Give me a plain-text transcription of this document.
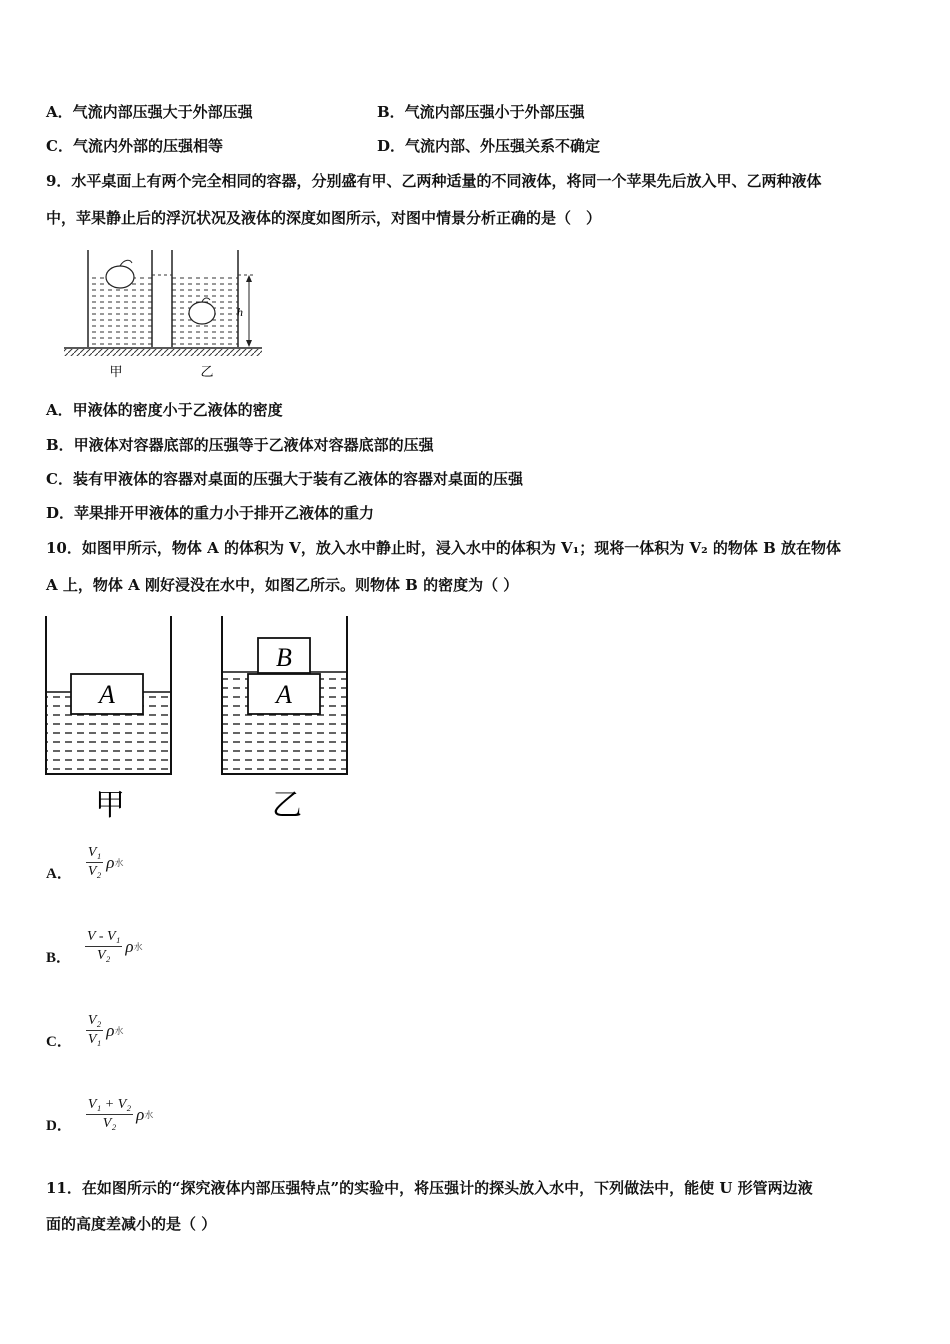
A．气流内部压强大于外部压强	B．气流内部压强小于外部压强
C．气流内外部的压强相等	D．气流内部、外压强关系不确定
9．水平桌面上有两个完全相同的容器，分别盛有甲、乙两种适量的不同液体，将同一个苹果先后放入甲、乙两种液体
中，苹果静止后的浮沉状况及液体的深度如图所示，对图中情景分析正确的是（　）
h
甲	乙
A．甲液体的密度小于乙液体的密度
B．甲液体对容器底部的压强等于乙液体对容器底部的压强
C．装有甲液体的容器对桌面的压强大于装有乙液体的容器对桌面的压强
D．苹果排开甲液体的重力小于排开乙液体的重力
10．如图甲所示，物体 A 的体积为 V，放入水中静止时，浸入水中的体积为 V₁；现将一体积为 V₂ 的物体 B 放在物体
A 上，物体 A 刚好浸没在水中，如图乙所示。则物体 B 的密度为（ ）
A	A
B
甲	乙
A． $\frac{\text{V₁}}{\text{V₂}}$ ρ 水
B． $\frac{\text{V - V₁}}{\text{V₂}}$ ρ 水
C． $\frac{\text{V₂}}{\text{V₁}}$ ρ 水
D． $\frac{\text{V₁ + V₂}}{\text{V₂}}$ ρ 水
11．在如图所示的“探究液体内部压强特点”的实验中，将压强计的探头放入水中，下列做法中，能使 U 形管两边液
面的高度差减小的是（ ）
